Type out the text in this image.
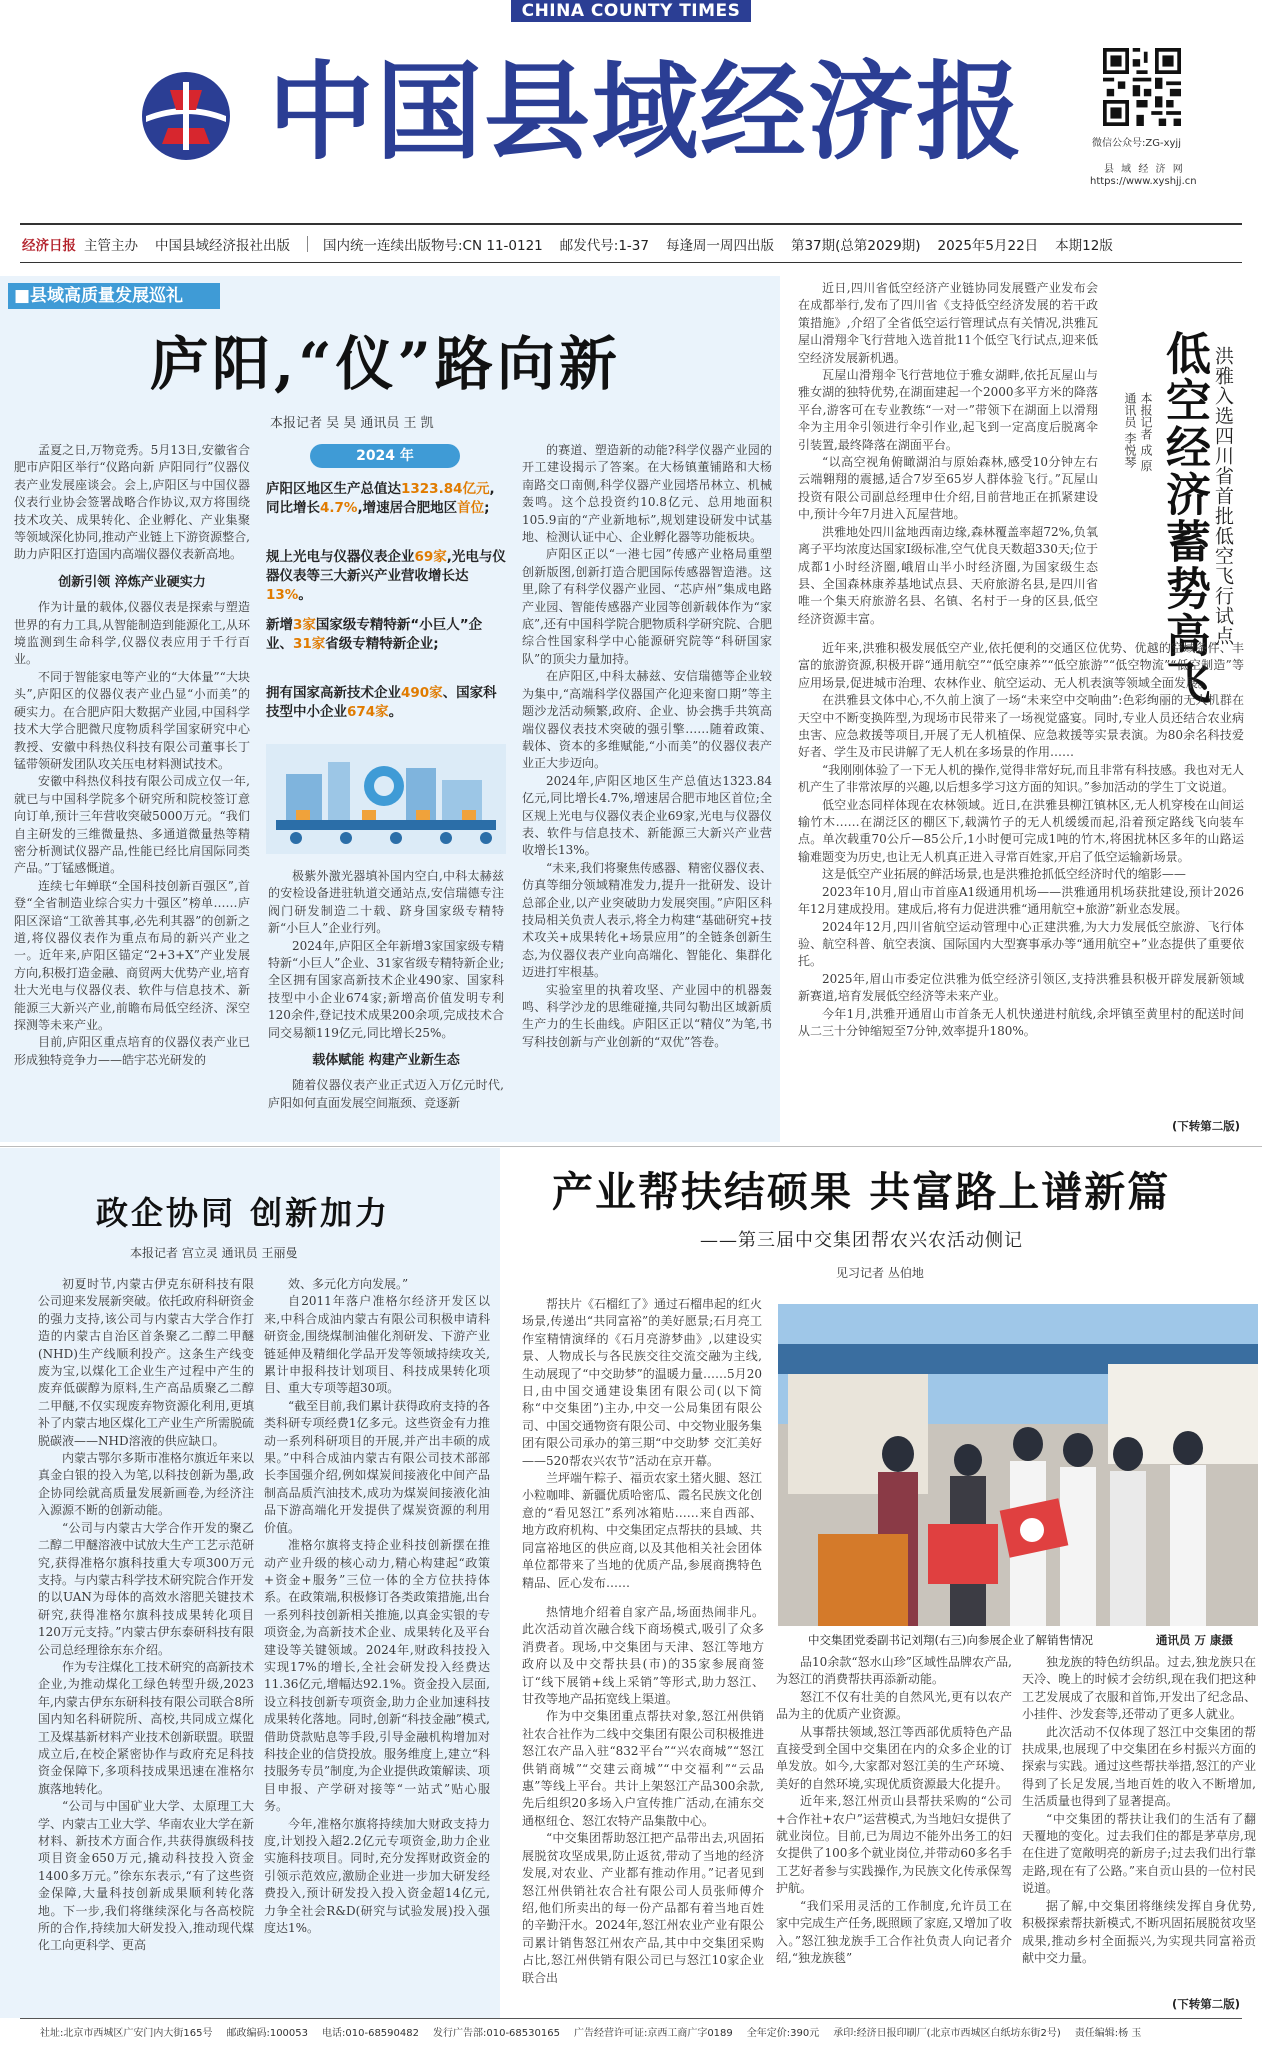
CHINA COUNTY TIMES
中国县域经济报	微信公众号:ZG-xyjj
县 域 经 济 网
https://www.xyshjj.cn
经济日报 主管主办 中国县域经济报社出版 国内统一连续出版物号:CN 11-0121 邮发代号:1-37 每逢周一周四出版 第37期(总第2029期) 2025年5月22日 本期12版
■县域高质量发展巡礼
庐阳,“仪”路向新
本报记者 吴 昊 通讯员 王 凯

孟夏之日,万物竞秀。5月13日,安徽省合肥市庐阳区举行“仪路向新 庐阳同行”仪器仪表产业发展座谈会。会上,庐阳区与中国仪器仪表行业协会签署战略合作协议,双方将围绕技术攻关、成果转化、企业孵化、产业集聚等领域深化协同,推动产业链上下游资源整合,助力庐阳区打造国内高端仪器仪表新高地。

创新引领 淬炼产业硬实力

作为计量的载体,仪器仪表是探索与塑造世界的有力工具,从智能制造到能源化工,从环境监测到生命科学,仪器仪表应用于千行百业。

不同于智能家电等产业的“大体量”“大块头”,庐阳区的仪器仪表产业凸显“小而美”的硬实力。在合肥庐阳大数据产业园,中国科学技术大学合肥微尺度物质科学国家研究中心教授、安徽中科热仪科技有限公司董事长丁锰带领研发团队攻关压电材料测试技术。

安徽中科热仪科技有限公司成立仅一年,就已与中国科学院多个研究所和院校签订意向订单,预计三年营收突破5000万元。“我们自主研发的三维微量热、多通道微量热等精密分析测试仪器产品,性能已经比肩国际同类产品。”丁锰感慨道。

连续七年蝉联“全国科技创新百强区”,首登“全省制造业综合实力十强区”榜单……庐阳区深谙“工欲善其事,必先利其器”的创新之道,将仪器仪表作为重点布局的新兴产业之一。近年来,庐阳区锚定“2+3+X”产业发展方向,积极打造金融、商贸两大优势产业,培育壮大光电与仪器仪表、软件与信息技术、新能源三大新兴产业,前瞻布局低空经济、深空探测等未来产业。

目前,庐阳区重点培育的仪器仪表产业已形成独特竞争力——皓宇芯光研发的

2024 年
庐阳区地区生产总值达1323.84亿元,同比增长4.7%,增速居合肥地区首位;
规上光电与仪器仪表企业69家,光电与仪器仪表等三大新兴产业营收增长达13%。
新增3家国家级专精特新“小巨人”企业、31家省级专精特新企业;
拥有国家高新技术企业490家、国家科技型中小企业674家。

极紫外激光器填补国内空白,中科太赫兹的安检设备进驻轨道交通站点,安信瑞德专注阀门研发制造二十载、跻身国家级专精特新“小巨人”企业行列。

2024年,庐阳区全年新增3家国家级专精特新“小巨人”企业、31家省级专精特新企业;全区拥有国家高新技术企业490家、国家科技型中小企业674家;新增高价值发明专利120余件,登记技术成果200余项,完成技术合同交易额119亿元,同比增长25%。

载体赋能 构建产业新生态

随着仪器仪表产业正式迈入万亿元时代,庐阳如何直面发展空间瓶颈、竞逐新

的赛道、塑造新的动能?科学仪器产业园的开工建设揭示了答案。在大杨镇董铺路和大杨南路交口南侧,科学仪器产业园塔吊林立、机械轰鸣。这个总投资约10.8亿元、总用地面积105.9亩的“产业新地标”,规划建设研发中试基地、检测认证中心、企业孵化器等功能板块。

庐阳区正以“一港七园”传感产业格局重塑创新版图,创新打造合肥国际传感器智造港。这里,除了有科学仪器产业园、“芯庐州”集成电路产业园、智能传感器产业园等创新载体作为“家底”,还有中国科学院合肥物质科学研究院、合肥综合性国家科学中心能源研究院等“科研国家队”的顶尖力量加持。

在庐阳区,中科太赫兹、安信瑞德等企业较为集中,“高端科学仪器国产化迎来窗口期”等主题沙龙活动频繁,政府、企业、协会携手共筑高端仪器仪表技术突破的强引擎……随着政策、载体、资本的多维赋能,“小而美”的仪器仪表产业正大步迈向。

2024年,庐阳区地区生产总值达1323.84亿元,同比增长4.7%,增速居合肥市地区首位;全区规上光电与仪器仪表企业69家,光电与仪器仪表、软件与信息技术、新能源三大新兴产业营收增长13%。

“未来,我们将聚焦传感器、精密仪器仪表、仿真等细分领域精准发力,提升一批研发、设计总部企业,以产业突破助力发展突围。”庐阳区科技局相关负责人表示,将全力构建“基础研究+技术攻关+成果转化+场景应用”的全链条创新生态,为仪器仪表产业向高端化、智能化、集群化迈进打牢根基。

实验室里的执着攻坚、产业园中的机器轰鸣、科学沙龙的思维碰撞,共同勾勒出区域新质生产力的生长曲线。庐阳区正以“精仪”为笔,书写科技创新与产业创新的“双优”答卷。

近日,四川省低空经济产业链协同发展暨产业发布会在成都举行,发布了四川省《支持低空经济发展的若干政策措施》,介绍了全省低空运行管理试点有关情况,洪雅瓦屋山滑翔伞飞行营地入选首批11个低空飞行试点,迎来低空经济发展新机遇。

瓦屋山滑翔伞飞行营地位于雅女湖畔,依托瓦屋山与雅女湖的独特优势,在湖面建起一个2000多平方米的降落平台,游客可在专业教练“一对一”带领下在湖面上以滑翔伞为主用伞引领进行伞引作业,起飞到一定高度后脱离伞引装置,最终降落在湖面平台。

“以高空视角俯瞰湖泊与原始森林,感受10分钟左右云端翱翔的震撼,适合7岁至65岁人群体验飞行。”瓦屋山投资有限公司副总经理申仕介绍,目前营地正在抓紧建设中,预计今年7月进入瓦屋营地。

洪雅地处四川盆地西南边缘,森林覆盖率超72%,负氧离子平均浓度达国家Ⅰ级标准,空气优良天数超330天;位于成都1小时经济圈,峨眉山半小时经济圈,为国家级生态县、全国森林康养基地试点县、天府旅游名县,是四川省唯一个集天府旅游名县、名镇、名村于一身的区县,低空经济资源丰富。

本报记者 成 原
通讯员 李悦琴 低空经济蓄势高飞 洪雅入选四川省首批低空飞行试点

近年来,洪雅积极发展低空产业,依托便利的交通区位优势、优越的空域条件、丰富的旅游资源,积极开辟“通用航空”“低空康养”“低空旅游”“低空物流”“低空制造”等应用场景,促进城市治理、农林作业、航空运动、无人机表演等领域全面发展。

在洪雅县文体中心,不久前上演了一场“未来空中交响曲”:色彩绚丽的无人机群在天空中不断变换阵型,为现场市民带来了一场视觉盛宴。同时,专业人员还结合农业病虫害、应急救援等项目,开展了无人机植保、应急救援等实景表演。为80余名科技爱好者、学生及市民讲解了无人机在多场景的作用……

“我刚刚体验了一下无人机的操作,觉得非常好玩,而且非常有科技感。我也对无人机产生了非常浓厚的兴趣,以后想多学习这方面的知识。”参加活动的学生丁文说道。

低空业态同样体现在农林领域。近日,在洪雅县柳江镇林区,无人机穿梭在山间运输竹木……在湖泛区的棚区下,载满竹子的无人机缓缓而起,沿着预定路线飞向装车点。单次载重70公斤—85公斤,1小时便可完成1吨的竹木,将困扰林区多年的山路运输难题变为历史,也让无人机真正进入寻常百姓家,开启了低空运输新场景。

这是低空产业拓展的鲜活场景,也是洪雅抢抓低空经济时代的缩影——

2023年10月,眉山市首座A1级通用机场——洪雅通用机场获批建设,预计2026年12月建成投用。建成后,将有力促进洪雅“通用航空+旅游”新业态发展。

2024年12月,四川省航空运动管理中心正建洪雅,为大力发展低空旅游、飞行体验、航空科普、航空表演、国际国内大型赛事承办等“通用航空+”业态提供了重要依托。

2025年,眉山市委定位洪雅为低空经济引领区,支持洪雅县积极开辟发展新领域新赛道,培育发展低空经济等未来产业。

今年1月,洪雅开通眉山市首条无人机快递进村航线,余坪镇至黄里村的配送时间从二三十分钟缩短至7分钟,效率提升180%。

(下转第二版)
政企协同 创新加力
本报记者 宫立灵 通讯员 王丽曼

初夏时节,内蒙古伊克东研科技有限公司迎来发展新突破。依托政府科研资金的强力支持,该公司与内蒙古大学合作打造的内蒙古自治区首条聚乙二醇二甲醚(NHD)生产线顺利投产。这条生产线变废为宝,以煤化工企业生产过程中产生的废弃低碳醇为原料,生产高品质聚乙二醇二甲醚,不仅实现废弃物资源化利用,更填补了内蒙古地区煤化工产业生产所需脱硫脱碳液——NHD溶液的供应缺口。

内蒙古鄂尔多斯市准格尔旗近年来以真金白银的投入为笔,以科技创新为墨,政企协同绘就高质量发展新画卷,为经济注入源源不断的创新动能。

“公司与内蒙古大学合作开发的聚乙二醇二甲醚溶液中试放大生产工艺示范研究,获得准格尔旗科技重大专项300万元支持。与内蒙古科学技术研究院合作开发的以UAN为母体的高效水溶肥关键技术研究,获得准格尔旗科技成果转化项目120万元支持。”内蒙古伊东泰研科技有限公司总经理徐东东介绍。

作为专注煤化工技术研究的高新技术企业,为推动煤化工绿色转型升级,2023年,内蒙古伊东东研科技有限公司联合8所国内知名科研院所、高校,共同成立煤化工及煤基新材料产业技术创新联盟。联盟成立后,在校企紧密协作与政府充足科技资金保障下,多项科技成果迅速在准格尔旗落地转化。

“公司与中国矿业大学、太原理工大学、内蒙古工业大学、华南农业大学在新材料、新技术方面合作,共获得旗级科技项目资金650万元,撬动科技投入资金1400多万元。”徐东东表示,“有了这些资金保障,大量科技创新成果顺利转化落地。下一步,我们将继续深化与各高校院所的合作,持续加大研发投入,推动现代煤化工向更科学、更高

效、多元化方向发展。”

自2011年落户准格尔经济开发区以来,中科合成油内蒙古有限公司积极申请科研资金,围绕煤制油催化剂研发、下游产业链延伸及精细化学品开发等领域持续攻关,累计申报科技计划项目、科技成果转化项目、重大专项等超30项。

“截至目前,我们累计获得政府支持的各类科研专项经费1亿多元。这些资金有力推动一系列科研项目的开展,并产出丰硕的成果。”中科合成油内蒙古有限公司技术部部长李国强介绍,例如煤炭间接液化中间产品制高品质汽油技术,成功为煤炭间接液化油品下游高端化开发提供了煤炭资源的利用价值。

准格尔旗将支持企业科技创新摆在推动产业升级的核心动力,精心构建起“政策+资金+服务”三位一体的全方位扶持体系。在政策端,积极修订各类政策措施,出台一系列科技创新相关推施,以真金实银的专项资金,为高新技术企业、成果转化及平台建设等关键领域。2024年,财政科技投入实现17%的增长,全社会研发投入经费达11.36亿元,增幅达92.1%。资金投入层面,设立科技创新专项资金,助力企业加速科技成果转化落地。同时,创新“科技金融”模式,借助贷款贴息等手段,引导金融机构增加对科技企业的信贷投放。服务维度上,建立“科技服务专员”制度,为企业提供政策解读、项目申报、产学研对接等“一站式”贴心服务。

今年,准格尔旗将持续加大财政支持力度,计划投入超2.2亿元专项资金,助力企业实施科技项目。同时,充分发挥财政资金的引领示范效应,激励企业进一步加大研发经费投入,预计研发投入投入资金超14亿元,力争全社会R&D(研究与试验发展)投入强度达1%。

产业帮扶结硕果 共富路上谱新篇
——第三届中交集团帮农兴农活动侧记
见习记者 丛伯地

帮扶片《石榴红了》通过石榴串起的红火场景,传递出“共同富裕”的美好愿景;石月亮工作室精情演绎的《石月亮游梦曲》,以建设实景、人物成长与各民族交往交流交融为主线,生动展现了“中交助梦”的温暖力量……5月20日,由中国交通建设集团有限公司(以下简称“中交集团”)主办,中交一公局集团有限公司、中国交通物资有限公司、中交物业服务集团有限公司承办的第三期“中交助梦 交汇美好——520帮农兴农节”活动在京开幕。

兰坪端午粽子、福贡农家土猪火腿、怒江小粒咖啡、新疆优质哈密瓜、霞名民族文化创意的“看见怒江”系列冰箱贴……来自西部、地方政府机构、中交集团定点帮扶的县域、共同富裕地区的供应商,以及其他相关社会团体单位都带来了当地的优质产品,参展商携特色精品、匠心发布……

中交集团党委副书记刘翔(右三)向参展企业了解销售情况	通讯员 万 康摄

热情地介绍着自家产品,场面热闹非凡。此次活动首次融合线下商场模式,吸引了众多消费者。现场,中交集团与天津、怒江等地方政府以及中交帮扶县(市)的35家参展商签订“线下展销+线上采销”等形式,助力怒江、甘孜等地产品拓宽线上渠道。

作为中交集团重点帮扶对象,怒江州供销社农合社作为二线中交集团有限公司积极推进怒江农产品入驻“832平台”“兴农商城”“怒江供销商城”“交建云商城”“中交福利”“云品惠”等线上平台。共计上架怒江产品300余款,先后组织20多场入户宣传推广活动,在浦东交通枢纽仓、怒江农特产品集散中心。

“中交集团帮助怒江把产品带出去,巩固拓展脱贫攻坚成果,防止返贫,带动了当地的经济发展,对农业、产业都有推动作用。”记者见到怒江州供销社农合社有限公司人员张师傅介绍,他们所卖出的每一份产品都有着当地百姓的辛勤汗水。2024年,怒江州农业产业有限公司累计销售怒江州农产品,其中中交集团采购占比,怒江州供销有限公司已与怒江10家企业联合出

品10余款“怒水山珍”区域性品牌农产品,为怒江的消费帮扶再添新动能。

怒江不仅有壮美的自然风光,更有以农产品为主的优质产业资源。

从事帮扶领域,怒江等西部优质特色产品直接受到全国中交集团在内的众多企业的订单发放。如今,大家都对怒江美的生产环境、美好的自然环境,实现优质资源最大化提升。

近年来,怒江州贡山县帮扶采购的“公司+合作社+农户”运营模式,为当地妇女提供了就业岗位。目前,已为周边不能外出务工的妇女提供了100多个就业岗位,并带动60多名手工艺好者参与实践操作,为民族文化传承保驾护航。

“我们采用灵活的工作制度,允许员工在家中完成生产任务,既照顾了家庭,又增加了收入。”怒江独龙族手工合作社负责人向记者介绍,“独龙族毯”

独龙族的特色纺织品。过去,独龙族只在天冷、晚上的时候才会纺织,现在我们把这种工艺发展成了衣服和首饰,开发出了纪念品、小挂件、沙发套等,还带动了更多人就业。

此次活动不仅体现了怒江中交集团的帮扶成果,也展现了中交集团在乡村振兴方面的探索与实践。通过这些帮扶举措,怒江的产业得到了长足发展,当地百姓的收入不断增加,生活质量也得到了显著提高。

“中交集团的帮扶让我们的生活有了翻天覆地的变化。过去我们住的都是茅草房,现在住进了宽敞明亮的新房子;过去我们出行靠走路,现在有了公路。”来自贡山县的一位村民说道。

据了解,中交集团将继续发挥自身优势,积极探索帮扶新模式,不断巩固拓展脱贫攻坚成果,推动乡村全面振兴,为实现共同富裕贡献中交力量。

(下转第二版)
社址:北京市西城区广安门内大街165号 邮政编码:100053 电话:010-68590482 发行广告部:010-68530165 广告经营许可证:京西工商广字0189 全年定价:390元 承印:经济日报印刷厂(北京市西城区白纸坊东街2号) 责任编辑:杨 玉
